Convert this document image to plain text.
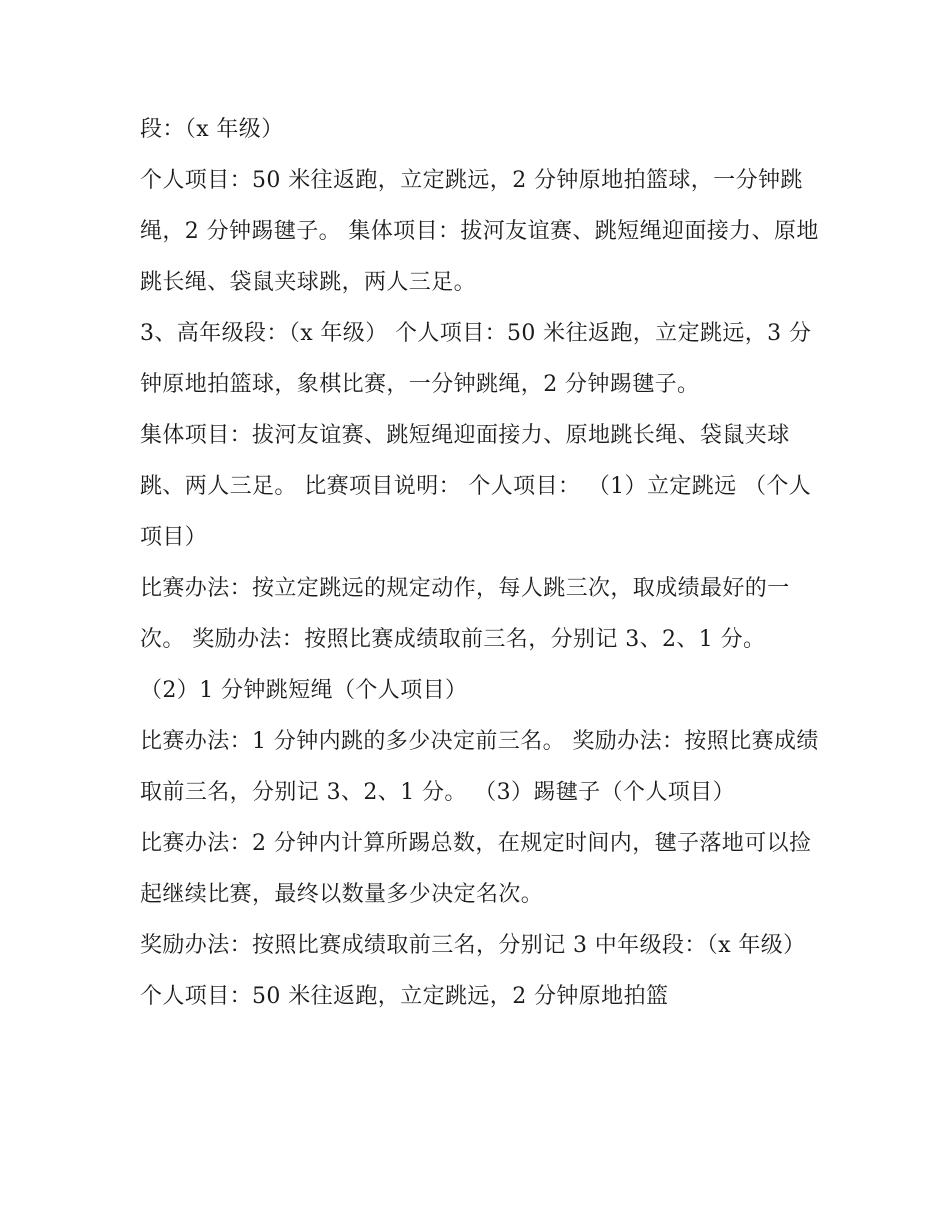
段：（x 年级）

个人项目：50 米往返跑，立定跳远，2 分钟原地拍篮球，一分钟跳绳，2 分钟踢毽子。 集体项目：拔河友谊赛、跳短绳迎面接力、原地跳长绳、袋鼠夹球跳，两人三足。

3、高年级段：（x 年级） 个人项目：50 米往返跑，立定跳远，3 分钟原地拍篮球，象棋比赛，一分钟跳绳，2 分钟踢毽子。

集体项目：拔河友谊赛、跳短绳迎面接力、原地跳长绳、袋鼠夹球跳、两人三足。 比赛项目说明： 个人项目： （1）立定跳远 （个人项目）

比赛办法：按立定跳远的规定动作，每人跳三次，取成绩最好的一次。 奖励办法：按照比赛成绩取前三名，分别记 3、2、1 分。 （2）1 分钟跳短绳（个人项目）

比赛办法：1 分钟内跳的多少决定前三名。 奖励办法：按照比赛成绩取前三名，分别记 3、2、1 分。 （3）踢毽子（个人项目）

比赛办法：2 分钟内计算所踢总数，在规定时间内，毽子落地可以捡起继续比赛，最终以数量多少决定名次。

奖励办法：按照比赛成绩取前三名，分别记 3 中年级段：（x 年级） 个人项目：50 米往返跑，立定跳远，2 分钟原地拍篮
